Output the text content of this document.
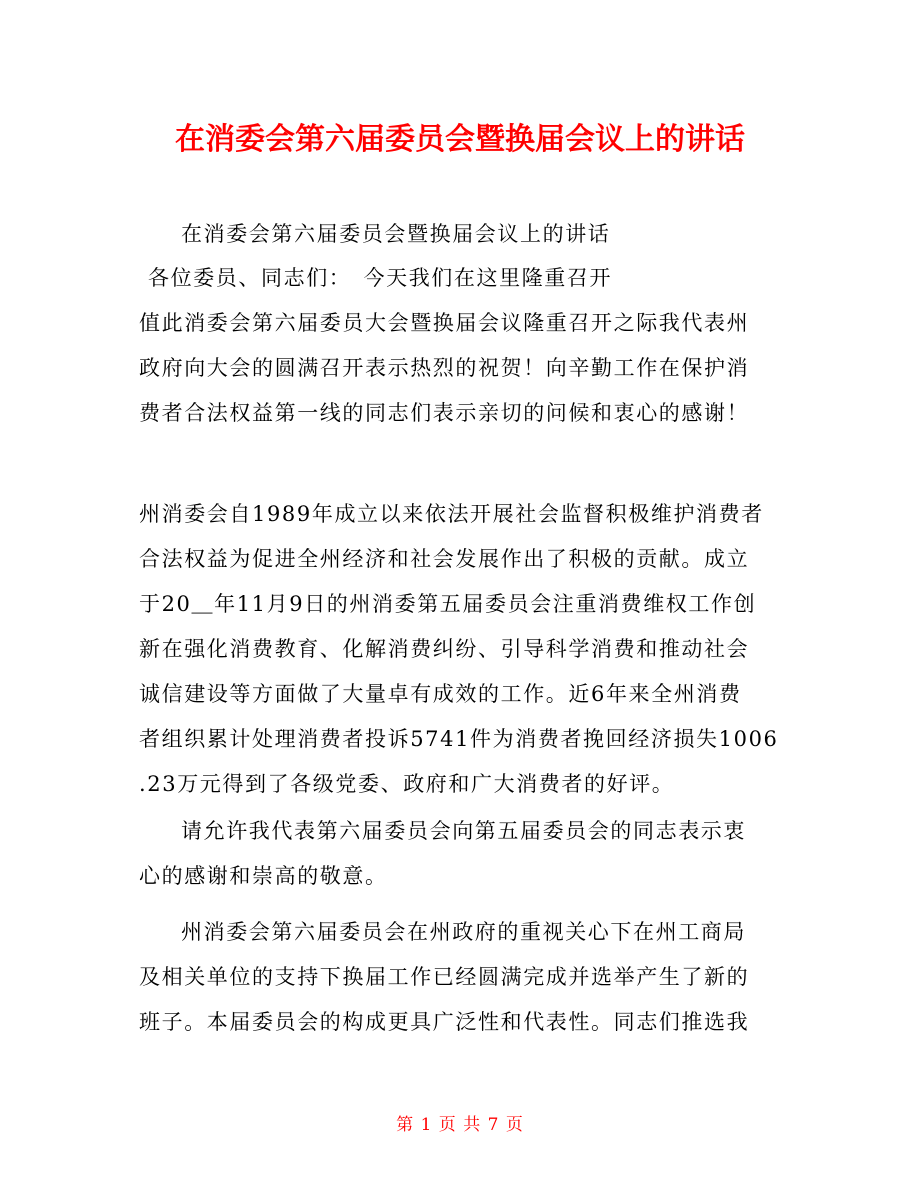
在消委会第六届委员会暨换届会议上的讲话
在消委会第六届委员会暨换届会议上的讲话
各位委员、同志们：　今天我们在这里隆重召开
值此消委会第六届委员大会暨换届会议隆重召开之际我代表州
政府向大会的圆满召开表示热烈的祝贺！向辛勤工作在保护消
费者合法权益第一线的同志们表示亲切的问候和衷心的感谢！
州消委会自1989年成立以来依法开展社会监督积极维护消费者
合法权益为促进全州经济和社会发展作出了积极的贡献。成立
于20＿年11月9日的州消委第五届委员会注重消费维权工作创
新在强化消费教育、化解消费纠纷、引导科学消费和推动社会
诚信建设等方面做了大量卓有成效的工作。近6年来全州消费
者组织累计处理消费者投诉5741件为消费者挽回经济损失1006
.23万元得到了各级党委、政府和广大消费者的好评。
请允许我代表第六届委员会向第五届委员会的同志表示衷
心的感谢和崇高的敬意。
州消委会第六届委员会在州政府的重视关心下在州工商局
及相关单位的支持下换届工作已经圆满完成并选举产生了新的
班子。本届委员会的构成更具广泛性和代表性。同志们推选我
第 1 页 共 7 页
